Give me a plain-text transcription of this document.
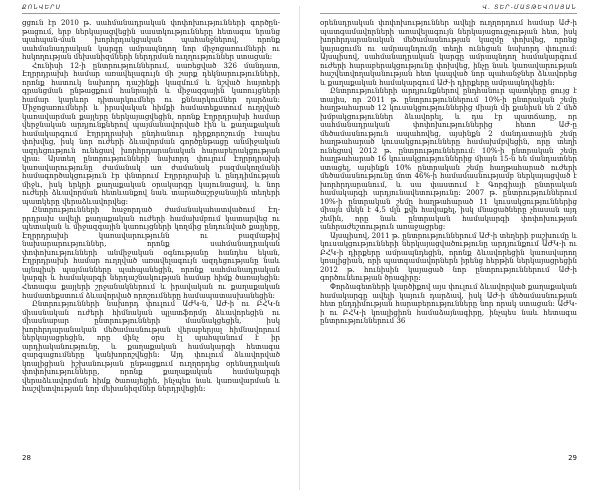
ՔՈՆՎԵՐՍ

ցցուն էր 2010 թ. սահմանադրական փոփոխությունների գործըն-թացում, երբ ներկայացվեցին սաստկությունները հետագա նրանց պահպան-ման խորհրդակցական պահանջներով, որոնք սահմանադրական կարգը ամրապնդող նոր միջոցառումների ու հսկողության մեխանիզմների ներդրման ուղղություններ ստացան։

Հունիսի 12-ի ընտրություններում, սառեցված 326 մանդատ, Էղրրդրախի համար առավելագույն մի շարք դեկնարությունների, որոնք հատուկ նախորդ դաշինքի կազմում և նշված հայտերի գրանցման ընթացքում հանրային և միջազգային կառույցների համար կարևոր դիտարկումներ ու քննարկումներ դարձան։ Միջոցառումների և իրավական հիմքի համատեքստում ուղղված կառավարման քայլերը ներկայացվեցին, որոնք Էղրրդրախի համար վերջնական արդյունքներով պայմանավորված էին և քաղաքական համակարգում Էղրրդրախի ընդհանուր դիրքորոշումը էապես փոխվեց, իսկ նոր ուժերի ձևավորման գործընթացը անմիջական ազդեցություն ունեցավ խորհրդարանական հարաբերակցության վրա։ Այստեղ ընտրությունների նախորդ փուլում Էղրրդրախի կառավարությունը ժամանակ առ ժամանակ բազմակողմանի համագործակցություն էր փնտրում Էղրրդրախի և ընդդիմության միջև, իսկ երկրի քաղաքական օրակարգը կայունացավ, և նոր ուժերի ձևավորման հետևանքով նաև տարածաշրջանային տեղերի պատկերը վերաձևավորվեց։

Ընտրությունների հաջորդած ժամանակահատվածում Էղ-րրդրախ ավելի քաղաքական ուժերի համախմբում կատարվեց ու պետական և միջազգային կառույցների կողմից ընդունված քայլերը, Էղրրդրախի կառավարությունն ու բազմաթիվ նախարարություններ, որոնք սահմանադրական փոփոխությունների անմիջական օգնությանը հանդես եկան, Էղրրդրախի համար ուղղված առավելագույն ազդեցությանը նաև այնպիսի պայմանները պահպանեցին, որոնք սահմանադրական կարգի և համակարգի ներդաշնակության համար հիմք ծառայեցին։ Հետագա քայլերի շրջանակներում և իրավական ու քաղաքական համատեքստում ձևավորված որոշումները համապատասխանեցին։

Ընտրությունների նախորդ փուլում ԱԺԿ-ն, ԱԺ-ի ու ԲՀԿ-ն միասնական ուժերի հիմնական պլատֆորմը ձևավորեցին ու միասնաբար ընտրությունների մասնակցեցին, իսկ խորհրդարանական մեծամասնության վերաբերյալ հիմնավորում ներկայացրեցին, որը մինչ օրս էլ պահպանում է իր արդիականությունը, և քաղաքական համակարգի հետագա զարգացումները կանխորոշվեցին։ Այդ փուլում ձևավորված կոալիցիան իշխանության ընթացքում ուղղորդեց օրենսդրական փոփոխությունները, որոնք քաղաքական համակարգի վերաձևավորման հիմք ծառայեցին, ինչպես նաև կառավարման և հաշվետվության նոր մեխանիզմներ ներդրվեցին։

28
Վ. ՏԵՐ-ՄԱՏԹԵՎՈՍՅԱՆ

օրենսդրական փոփոխություններ ավելի ուղղորդում համար ԱԺ-ի պատգամավորների առավելագույն ներկայացուցչության հետ, իսկ խորհրդարանական մեծամասնության կազմը փոխվեց, որոնց կայացումն ու ամրապնդումը տեղի ունեցան նախորդ փուլում։ Այսպիսով, սահմանադրական կարգը ամրապնդող համակարգում ուժերի հարաբերակցությունը փոխվեց, ինչը նաև կառավարության հաշվետվողականության հետ կապված նոր պահանջներ ձևավորեց և քաղաքական համակարգում ԱԺ-ի դիրքերը ամրապնդվեցին։

Ընտրությունների արդյունքներով ընդհանուր պատկերը ցույց է տալիս, որ 2011 թ. ընտրություններում 10%-ի ընտրական շեմը հաղթահարած 12 կուսակցություններից միայն մի քանիսն են 2 մեծ խմբակցություններ ձևավորել, և դա էր պատճառը, որ սահմանադրական փոփոխություններից հետո ԱԺ-ը մեծամասնություն ապահովեց, այսինքն 2 մանդատային շեմը հաղթահարած կուսակցությունները համախմբվեցին, որը տեղի ունեցավ 2012 թ. ընտրություններում։ 10%-ի ընտրական շեմը հաղթահարած 16 կուսակցություններից միայն 15-ն են մանդատներ ստացել, այսինքն 10% ընտրական շեմը հաղթահարած ուժերի մեծամասնությունը մոտ 46%-ի համամասնությամբ ներկայացված է խորհրդարանում, և սա փաստում է Գորգիայի ընտրական համակարգի արդյունավետությունը։ 2007 թ. ընտրություններում 10%-ի ընտրական շեմը հաղթահարած 11 կուսակցություններից միայն մեկն է 4,5 մլն քվե հավաքել, իսկ մնացածները չհասան այդ շեմին, որը նաև ընտրական համակարգի փոփոխության անհրաժեշտություն առաջացրեց։

Այսպիսով, 2011 թ. ընտրություններում ԱԺ-ի տեղերի բաշխումը և կուսակցությունների ներկայացվածությունը արդյունքում ԱԺԿ-ի ու ԲՀԿ-ի դիրքերը ամրապնդեցին, որոնք ձևավորեցին կառավարող կոալիցիան, որի պատգամավորներն իրենց հերթին ներկայացրեցին 2012 թ. հունիսին կայացած նոր ընտրություններում ԱԺ-ի գործունեության ծրագիրը։

Փորձագետների կարծիքով այս փուլում ձևավորված քաղաքական համակարգը ավելի կայուն դարձավ, իսկ ԱԺ-ի մեծամասնության հետ ընդդիմության հարաբերությունները նոր որակ ստացան։ ԱԺԿ-ի ու ԲՀԿ-ի կոալիցիոն համաձայնագիրը, ինչպես նաև հետագա ընտրություններում 36

29
